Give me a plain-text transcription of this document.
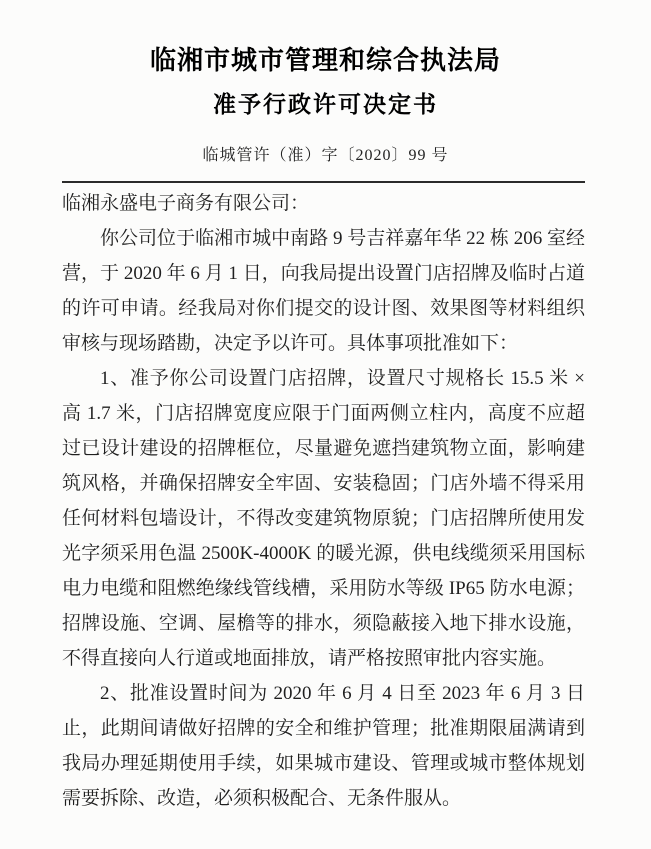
临湘市城市管理和综合执法局
准予行政许可决定书
临城管许（准）字〔2020〕99 号

临湘永盛电子商务有限公司：

你公司位于临湘市城中南路 9 号吉祥嘉年华 22 栋 206 室经营，于 2020 年 6 月 1 日，向我局提出设置门店招牌及临时占道的许可申请。经我局对你们提交的设计图、效果图等材料组织审核与现场踏勘，决定予以许可。具体事项批准如下：

1、准予你公司设置门店招牌，设置尺寸规格长 15.5 米 × 高 1.7 米，门店招牌宽度应限于门面两侧立柱内，高度不应超过已设计建设的招牌框位，尽量避免遮挡建筑物立面，影响建筑风格，并确保招牌安全牢固、安装稳固；门店外墙不得采用任何材料包墙设计，不得改变建筑物原貌；门店招牌所使用发光字须采用色温 2500K-4000K 的暖光源，供电线缆须采用国标电力电缆和阻燃绝缘线管线槽，采用防水等级 IP65 防水电源；招牌设施、空调、屋檐等的排水，须隐蔽接入地下排水设施，不得直接向人行道或地面排放，请严格按照审批内容实施。

2、批准设置时间为 2020 年 6 月 4 日至 2023 年 6 月 3 日止，此期间请做好招牌的安全和维护管理；批准期限届满请到我局办理延期使用手续，如果城市建设、管理或城市整体规划需要拆除、改造，必须积极配合、无条件服从。
